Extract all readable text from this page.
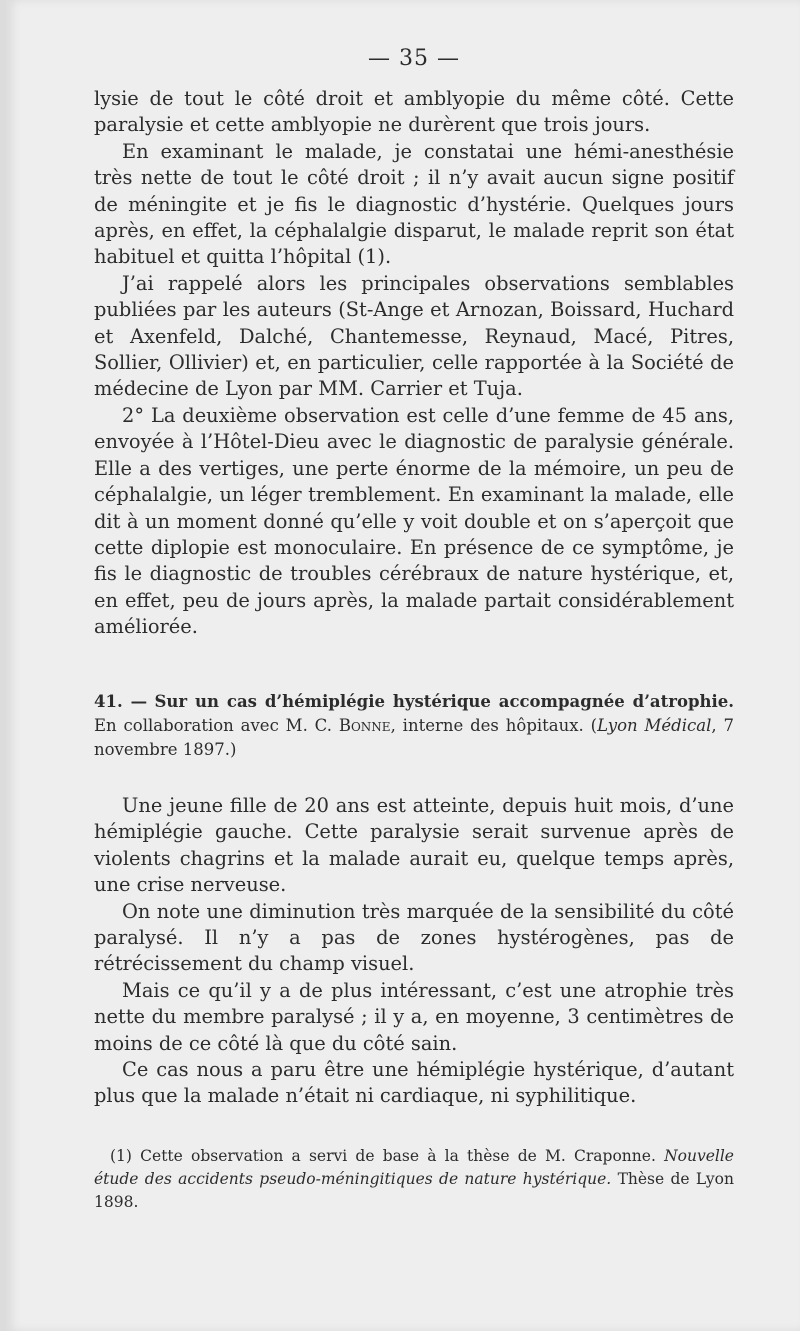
— 35 —

lysie de tout le côté droit et amblyopie du même côté. Cette paralysie et cette amblyopie ne durèrent que trois jours.

En examinant le malade, je constatai une hémi-anesthésie très nette de tout le côté droit ; il n’y avait aucun signe positif de méningite et je fis le diagnostic d’hystérie. Quelques jours après, en effet, la céphalalgie disparut, le malade reprit son état habituel et quitta l’hôpital (1).

J’ai rappelé alors les principales observations semblables publiées par les auteurs (St-Ange et Arnozan, Boissard, Huchard et Axenfeld, Dalché, Chantemesse, Reynaud, Macé, Pitres, Sollier, Ollivier) et, en particulier, celle rapportée à la Société de médecine de Lyon par MM. Carrier et Tuja.

2° La deuxième observation est celle d’une femme de 45 ans, envoyée à l’Hôtel-Dieu avec le diagnostic de paralysie générale. Elle a des vertiges, une perte énorme de la mémoire, un peu de céphalalgie, un léger tremblement. En examinant la malade, elle dit à un moment donné qu’elle y voit double et on s’aperçoit que cette diplopie est monoculaire. En présence de ce symptôme, je fis le diagnostic de troubles cérébraux de nature hystérique, et, en effet, peu de jours après, la malade partait considérablement améliorée.

41. — Sur un cas d’hémiplégie hystérique accompagnée d’atrophie. En collaboration avec M. C. Bonne, interne des hôpitaux. (Lyon Médical, 7 novembre 1897.)

Une jeune fille de 20 ans est atteinte, depuis huit mois, d’une hémiplégie gauche. Cette paralysie serait survenue après de violents chagrins et la malade aurait eu, quelque temps après, une crise nerveuse.

On note une diminution très marquée de la sensibilité du côté paralysé. Il n’y a pas de zones hystérogènes, pas de rétrécissement du champ visuel.

Mais ce qu’il y a de plus intéressant, c’est une atrophie très nette du membre paralysé ; il y a, en moyenne, 3 centimètres de moins de ce côté là que du côté sain.

Ce cas nous a paru être une hémiplégie hystérique, d’autant plus que la malade n’était ni cardiaque, ni syphilitique.

(1) Cette observation a servi de base à la thèse de M. Craponne. Nouvelle étude des accidents pseudo-méningitiques de nature hystérique. Thèse de Lyon 1898.
